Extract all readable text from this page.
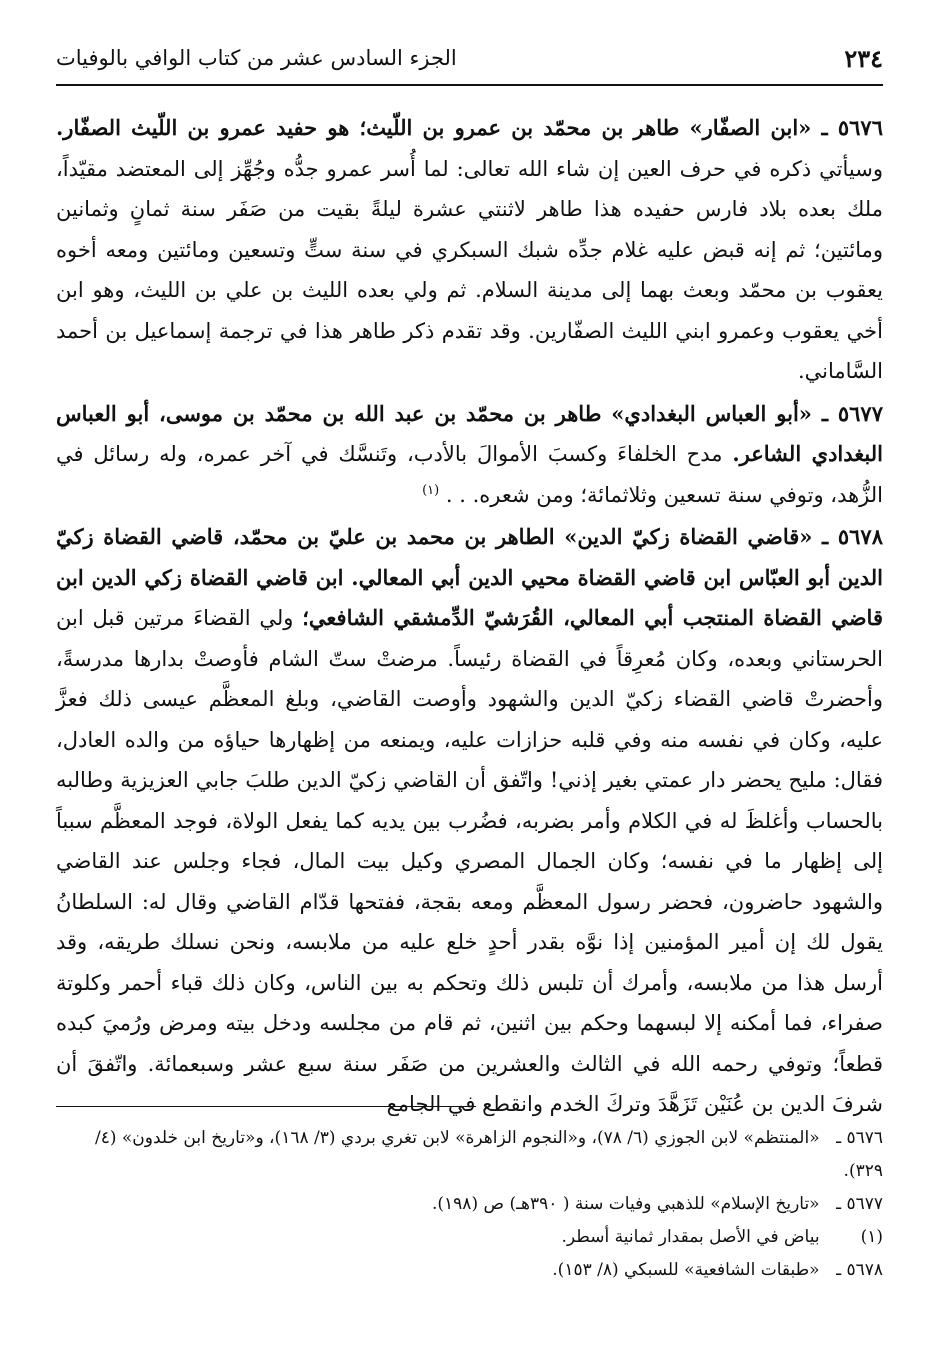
٢٣٤
الجزء السادس عشر من كتاب الوافي بالوفيات

٥٦٧٦ ـ «ابن الصفّار» طاهر بن محمّد بن عمرو بن اللّيث؛ هو حفيد عمرو بن اللّيث الصفّار. وسيأتي ذكره في حرف العين إن شاء الله تعالى: لما أُسر عمرو جدُّه وجُهِّز إلى المعتضد مقيّداً، ملك بعده بلاد فارس حفيده هذا طاهر لاثنتي عشرة ليلةً بقيت من صَفَر سنة ثمانٍ وثمانين ومائتين؛ ثم إنه قبض عليه غلام جدِّه شبك السبكري في سنة ستٍّ وتسعين ومائتين ومعه أخوه يعقوب بن محمّد وبعث بهما إلى مدينة السلام. ثم ولي بعده الليث بن علي بن الليث، وهو ابن أخي يعقوب وعمرو ابني الليث الصفّارين. وقد تقدم ذكر طاهر هذا في ترجمة إسماعيل بن أحمد السَّاماني.

٥٦٧٧ ـ «أبو العباس البغدادي» طاهر بن محمّد بن عبد الله بن محمّد بن موسى، أبو العباس البغدادي الشاعر. مدح الخلفاءَ وكسبَ الأموالَ بالأدب، وتَنسَّك في آخر عمره، وله رسائل في الزُّهد، وتوفي سنة تسعين وثلاثمائة؛ ومن شعره. . . $^{(١)}$

٥٦٧٨ ـ «قاضي القضاة زكيّ الدين» الطاهر بن محمد بن عليّ بن محمّد، قاضي القضاة زكيّ الدين أبو العبّاس ابن قاضي القضاة محيي الدين أبي المعالي. ابن قاضي القضاة زكي الدين ابن قاضي القضاة المنتجب أبي المعالي، القُرَشيّ الدِّمشقي الشافعي؛ ولي القضاءَ مرتين قبل ابن الحرستاني وبعده، وكان مُعرِقاً في القضاة رئيساً. مرضتْ ستّ الشام فأوصتْ بدارها مدرسةً، وأحضرتْ قاضي القضاء زكيّ الدين والشهود وأوصت القاضي، وبلغ المعظَّم عيسى ذلك فعزَّ عليه، وكان في نفسه منه وفي قلبه حزازات عليه، ويمنعه من إظهارها حياؤه من والده العادل، فقال: مليح يحضر دار عمتي بغير إذني! واتّفق أن القاضي زكيّ الدين طلبَ جابي العزيزية وطالبه بالحساب وأغلظَ له في الكلام وأمر بضربه، فضُرب بين يديه كما يفعل الولاة، فوجد المعظَّم سبباً إلى إظهار ما في نفسه؛ وكان الجمال المصري وكيل بيت المال، فجاء وجلس عند القاضي والشهود حاضرون، فحضر رسول المعظَّم ومعه بقجة، ففتحها قدّام القاضي وقال له: السلطانُ يقول لك إن أمير المؤمنين إذا نوَّه بقدر أحدٍ خلع عليه من ملابسه، ونحن نسلك طريقه، وقد أرسل هذا من ملابسه، وأمرك أن تلبس ذلك وتحكم به بين الناس، وكان ذلك قباء أحمر وكلوتة صفراء، فما أمكنه إلا لبسهما وحكم بين اثنين، ثم قام من مجلسه ودخل بيته ومرض ورُميَ كبده قطعاً؛ وتوفي رحمه الله في الثالث والعشرين من صَفَر سنة سبع عشر وسبعمائة. واتّفقَ أن شرفَ الدين بن عُنَيْن تَزَهَّدَ وتركَ الخدم وانقطع في الجامع

٥٦٧٦ ـ «المنتظم» لابن الجوزي (٦/ ٧٨)، و«النجوم الزاهرة» لابن تغري بردي (٣/ ١٦٨)، و«تاريخ ابن خلدون» (٤/ ٣٢٩).

٥٦٧٧ ـ «تاريخ الإسلام» للذهبي وفيات سنة ( ٣٩٠هـ) ص (١٩٨).

(١) بياض في الأصل بمقدار ثمانية أسطر.

٥٦٧٨ ـ «طبقات الشافعية» للسبكي (٨/ ١٥٣).
